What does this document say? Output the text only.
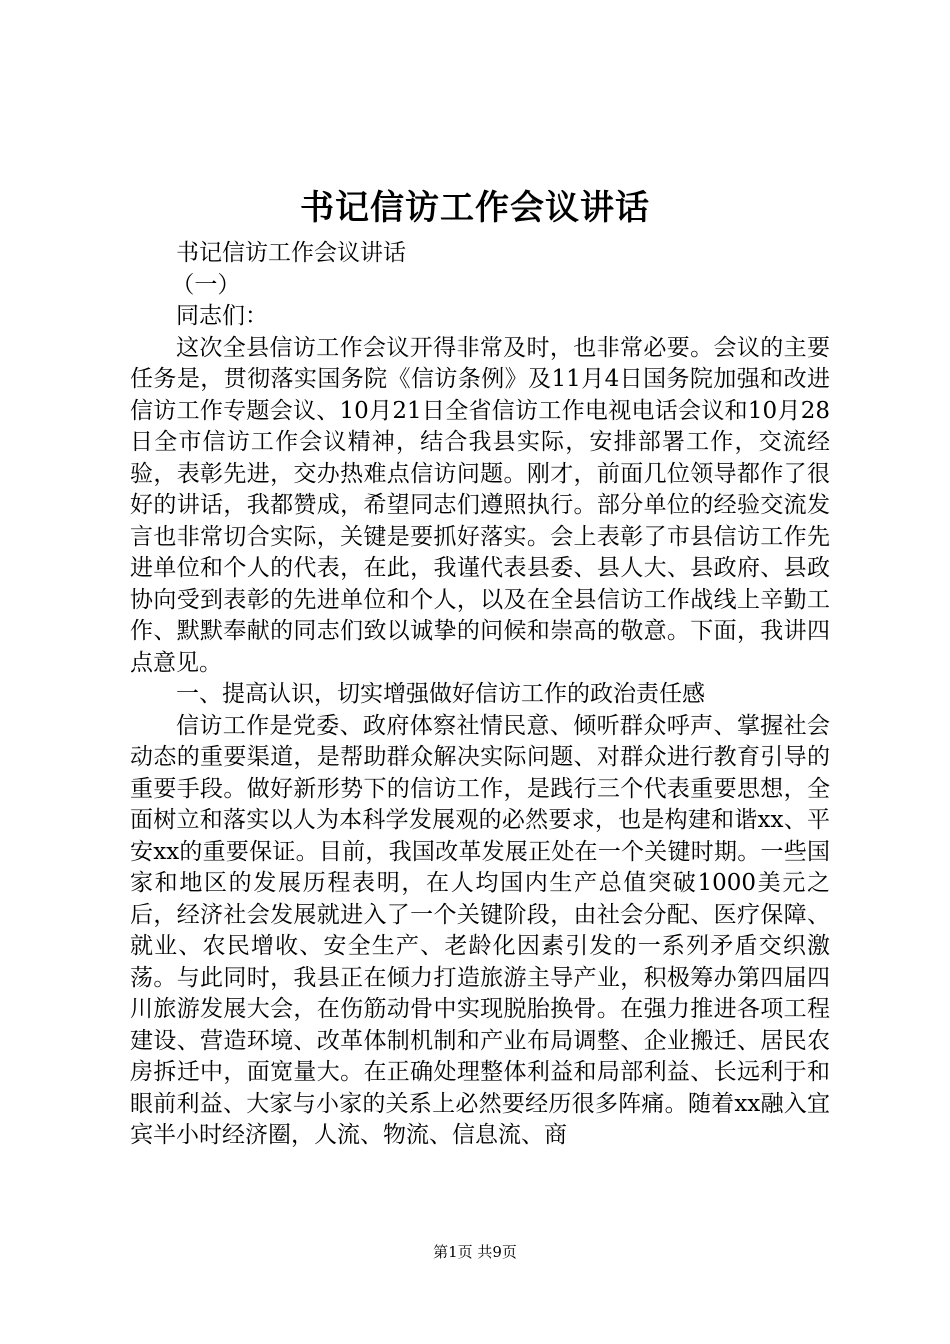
书记信访工作会议讲话

书记信访工作会议讲话

（一）

同志们：

这次全县信访工作会议开得非常及时，也非常必要。会议的主要任务是，贯彻落实国务院《信访条例》及11月4日国务院加强和改进信访工作专题会议、10月21日全省信访工作电视电话会议和10月28日全市信访工作会议精神，结合我县实际，安排部署工作，交流经验，表彰先进，交办热难点信访问题。刚才，前面几位领导都作了很好的讲话，我都赞成，希望同志们遵照执行。部分单位的经验交流发言也非常切合实际，关键是要抓好落实。会上表彰了市县信访工作先进单位和个人的代表，在此，我谨代表县委、县人大、县政府、县政协向受到表彰的先进单位和个人，以及在全县信访工作战线上辛勤工作、默默奉献的同志们致以诚挚的问候和崇高的敬意。下面，我讲四点意见。

一、提高认识，切实增强做好信访工作的政治责任感

信访工作是党委、政府体察社情民意、倾听群众呼声、掌握社会动态的重要渠道，是帮助群众解决实际问题、对群众进行教育引导的重要手段。做好新形势下的信访工作，是践行三个代表重要思想，全面树立和落实以人为本科学发展观的必然要求，也是构建和谐xx、平安xx的重要保证。目前，我国改革发展正处在一个关键时期。一些国家和地区的发展历程表明，在人均国内生产总值突破1000美元之后，经济社会发展就进入了一个关键阶段，由社会分配、医疗保障、就业、农民增收、安全生产、老龄化因素引发的一系列矛盾交织激荡。与此同时，我县正在倾力打造旅游主导产业，积极筹办第四届四川旅游发展大会，在伤筋动骨中实现脱胎换骨。在强力推进各项工程建设、营造环境、改革体制机制和产业布局调整、企业搬迁、居民农房拆迁中，面宽量大。在正确处理整体利益和局部利益、长远利于和眼前利益、大家与小家的关系上必然要经历很多阵痛。随着xx融入宜宾半小时经济圈，人流、物流、信息流、商

第1页 共9页
